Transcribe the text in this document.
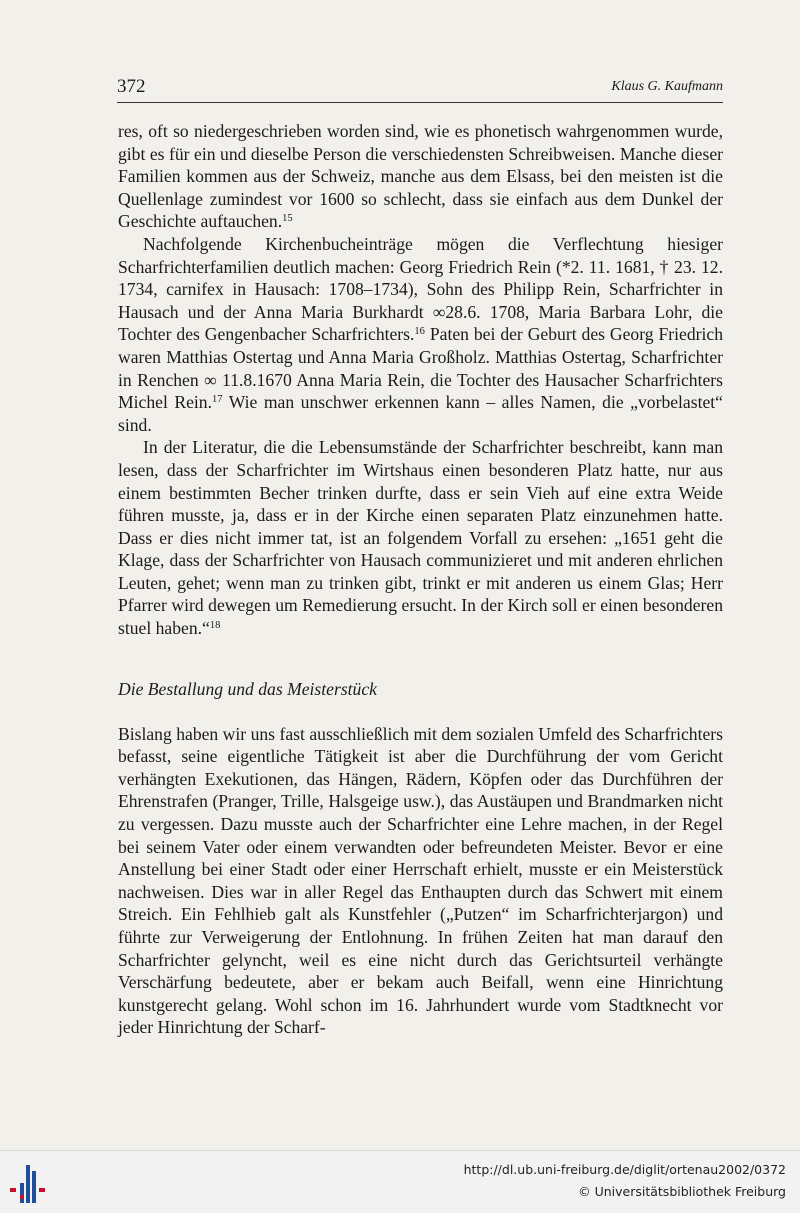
372	Klaus G. Kaufmann

res, oft so niedergeschrieben worden sind, wie es phonetisch wahrgenommen wurde, gibt es für ein und dieselbe Person die verschiedensten Schreibweisen. Manche dieser Familien kommen aus der Schweiz, manche aus dem Elsass, bei den meisten ist die Quellenlage zumindest vor 1600 so schlecht, dass sie einfach aus dem Dunkel der Geschichte auftauchen.$^{15}$

Nachfolgende Kirchenbucheinträge mögen die Verflechtung hiesiger Scharfrichterfamilien deutlich machen: Georg Friedrich Rein (*2. 11. 1681, † 23. 12. 1734, carnifex in Hausach: 1708–1734), Sohn des Philipp Rein, Scharfrichter in Hausach und der Anna Maria Burkhardt ∞28.6. 1708, Maria Barbara Lohr, die Tochter des Gengenbacher Scharfrichters.$^{16}$ Paten bei der Geburt des Georg Friedrich waren Matthias Ostertag und Anna Maria Großholz. Matthias Ostertag, Scharfrichter in Renchen ∞ 11.8.1670 Anna Maria Rein, die Tochter des Hausacher Scharfrichters Michel Rein.$^{17}$ Wie man unschwer erkennen kann – alles Namen, die „vorbelastet“ sind.

In der Literatur, die die Lebensumstände der Scharfrichter beschreibt, kann man lesen, dass der Scharfrichter im Wirtshaus einen besonderen Platz hatte, nur aus einem bestimmten Becher trinken durfte, dass er sein Vieh auf eine extra Weide führen musste, ja, dass er in der Kirche einen separaten Platz einzunehmen hatte. Dass er dies nicht immer tat, ist an folgendem Vorfall zu ersehen: „1651 geht die Klage, dass der Scharfrichter von Hausach communizieret und mit anderen ehrlichen Leuten, gehet; wenn man zu trinken gibt, trinkt er mit anderen us einem Glas; Herr Pfarrer wird dewegen um Remedierung ersucht. In der Kirch soll er einen besonderen stuel haben.“$^{18}$

Die Bestallung und das Meisterstück

Bislang haben wir uns fast ausschließlich mit dem sozialen Umfeld des Scharfrichters befasst, seine eigentliche Tätigkeit ist aber die Durchführung der vom Gericht verhängten Exekutionen, das Hängen, Rädern, Köpfen oder das Durchführen der Ehrenstrafen (Pranger, Trille, Halsgeige usw.), das Austäupen und Brandmarken nicht zu vergessen. Dazu musste auch der Scharfrichter eine Lehre machen, in der Regel bei seinem Vater oder einem verwandten oder befreundeten Meister. Bevor er eine Anstellung bei einer Stadt oder einer Herrschaft erhielt, musste er ein Meisterstück nachweisen. Dies war in aller Regel das Enthaupten durch das Schwert mit einem Streich. Ein Fehlhieb galt als Kunstfehler („Putzen“ im Scharfrichterjargon) und führte zur Verweigerung der Entlohnung. In frühen Zeiten hat man darauf den Scharfrichter gelyncht, weil es eine nicht durch das Gerichtsurteil verhängte Verschärfung bedeutete, aber er bekam auch Beifall, wenn eine Hinrichtung kunstgerecht gelang. Wohl schon im 16. Jahrhundert wurde vom Stadtknecht vor jeder Hinrichtung der Scharf-

http://dl.ub.uni-freiburg.de/diglit/ortenau2002/0372
© Universitätsbibliothek Freiburg
